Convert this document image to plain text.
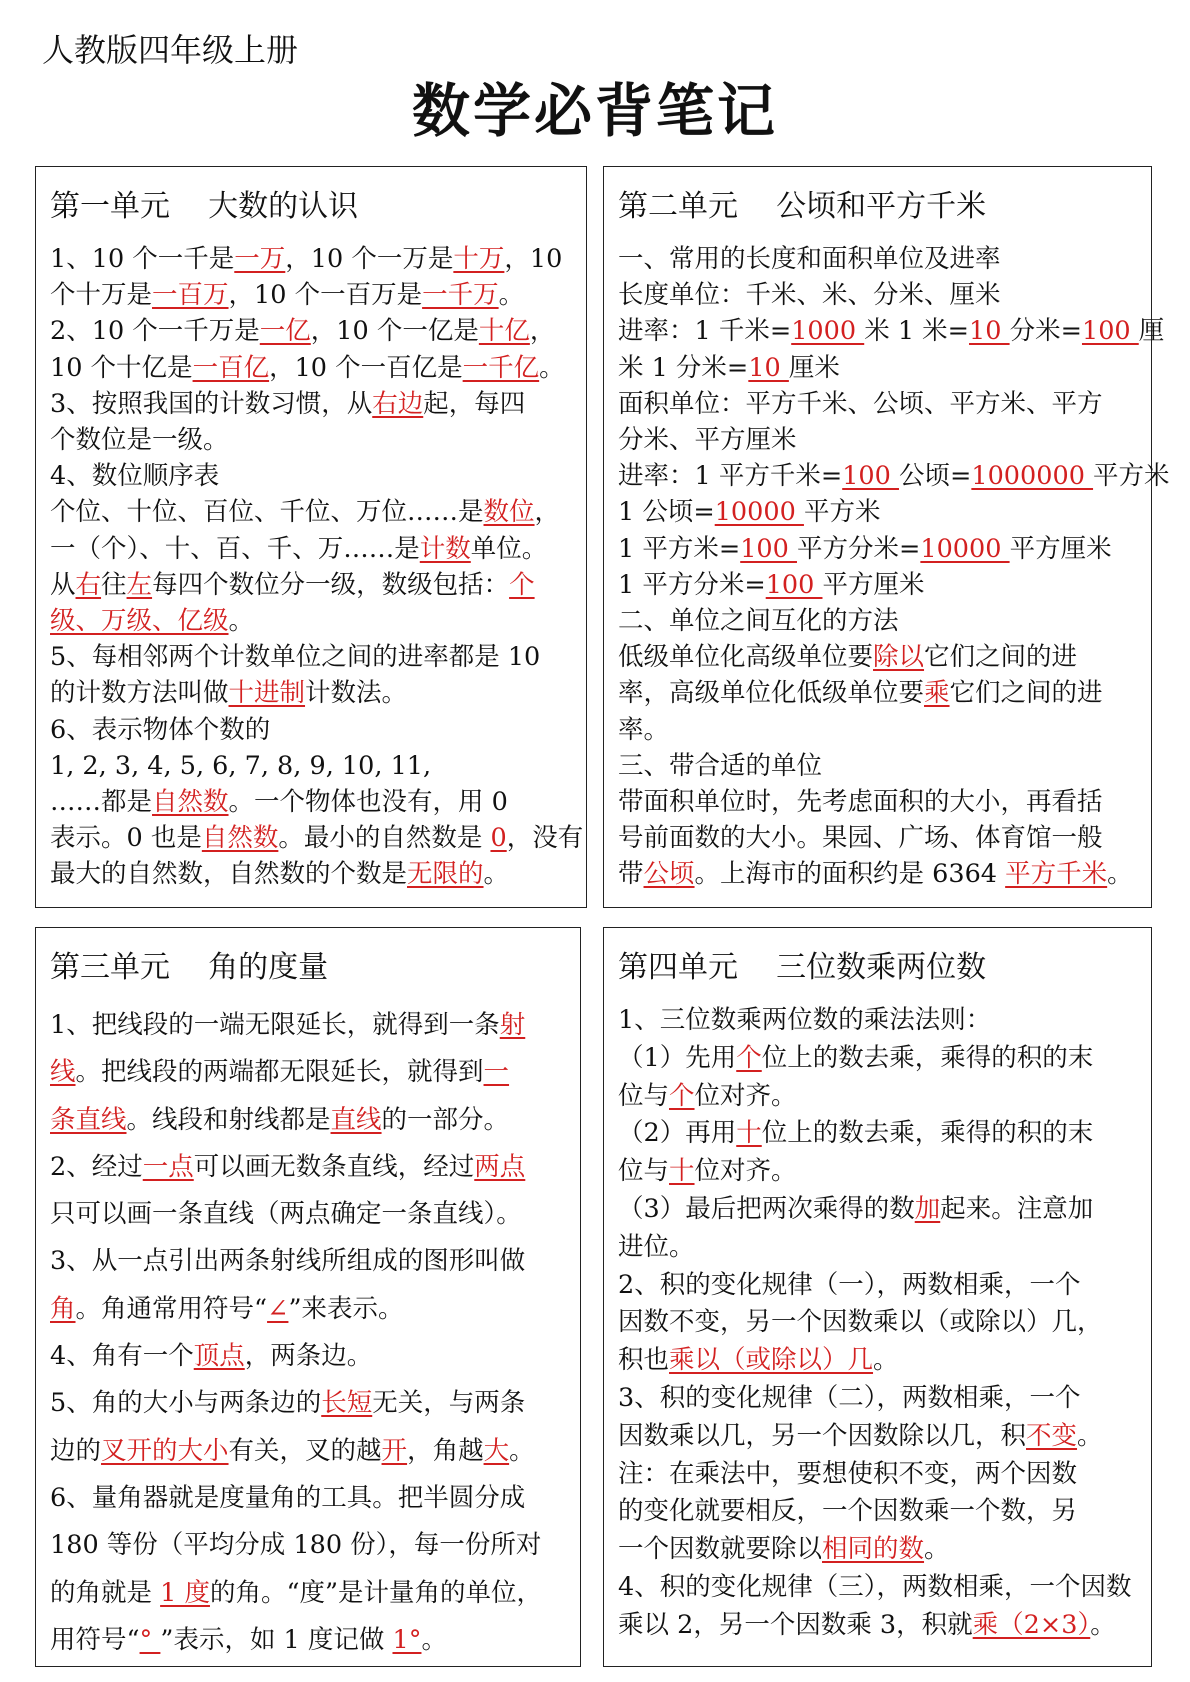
人教版四年级上册
数学必背笔记
第一单元    大数的认识
1、10 个一千是一万，10 个一万是十万，10
个十万是一百万，10 个一百万是一千万。
2、10 个一千万是一亿，10 个一亿是十亿，
10 个十亿是一百亿，10 个一百亿是一千亿。
3、按照我国的计数习惯，从右边起，每四
个数位是一级。
4、数位顺序表
个位、十位、百位、千位、万位……是数位，
一（个）、十、百、千、万……是计数单位。
从右往左每四个数位分一级，数级包括：个
级、万级、亿级。
5、每相邻两个计数单位之间的进率都是 10
的计数方法叫做十进制计数法。
6、表示物体个数的
1, 2, 3, 4, 5, 6, 7, 8, 9, 10, 11,
……都是自然数。一个物体也没有，用 0
表示。0 也是自然数。最小的自然数是 0，没有
最大的自然数，自然数的个数是无限的。
第二单元    公顷和平方千米
一、常用的长度和面积单位及进率
长度单位：千米、米、分米、厘米
进率：1 千米=1000 米 1 米=10 分米=100 厘
米 1 分米=10 厘米
面积单位：平方千米、公顷、平方米、平方
分米、平方厘米
进率：1 平方千米=100 公顷=1000000 平方米
1 公顷=10000 平方米
1 平方米=100 平方分米=10000 平方厘米
1 平方分米=100 平方厘米
二、单位之间互化的方法
低级单位化高级单位要除以它们之间的进
率，高级单位化低级单位要乘它们之间的进
率。
三、带合适的单位
带面积单位时，先考虑面积的大小，再看括
号前面数的大小。果园、广场、体育馆一般
带公顷。上海市的面积约是 6364 平方千米。
第三单元    角的度量
1、把线段的一端无限延长，就得到一条射
线。把线段的两端都无限延长，就得到一
条直线。线段和射线都是直线的一部分。
2、经过一点可以画无数条直线，经过两点
只可以画一条直线（两点确定一条直线）。
3、从一点引出两条射线所组成的图形叫做
角。角通常用符号“∠”来表示。
4、角有一个顶点，两条边。
5、角的大小与两条边的长短无关，与两条
边的叉开的大小有关，叉的越开，角越大。
6、量角器就是度量角的工具。把半圆分成
180 等份（平均分成 180 份），每一份所对
的角就是 1 度的角。“度”是计量角的单位，
用符号“° ”表示，如 1 度记做 1°。
第四单元    三位数乘两位数
1、三位数乘两位数的乘法法则：
（1）先用个位上的数去乘，乘得的积的末
位与个位对齐。
（2）再用十位上的数去乘，乘得的积的末
位与十位对齐。
（3）最后把两次乘得的数加起来。注意加
进位。
2、积的变化规律（一），两数相乘，一个
因数不变，另一个因数乘以（或除以）几，
积也乘以（或除以）几。
3、积的变化规律（二），两数相乘，一个
因数乘以几，另一个因数除以几，积不变。
注：在乘法中，要想使积不变，两个因数
的变化就要相反，一个因数乘一个数，另
一个因数就要除以相同的数。
4、积的变化规律（三），两数相乘，一个因数
乘以 2，另一个因数乘 3，积就乘（2×3）。
